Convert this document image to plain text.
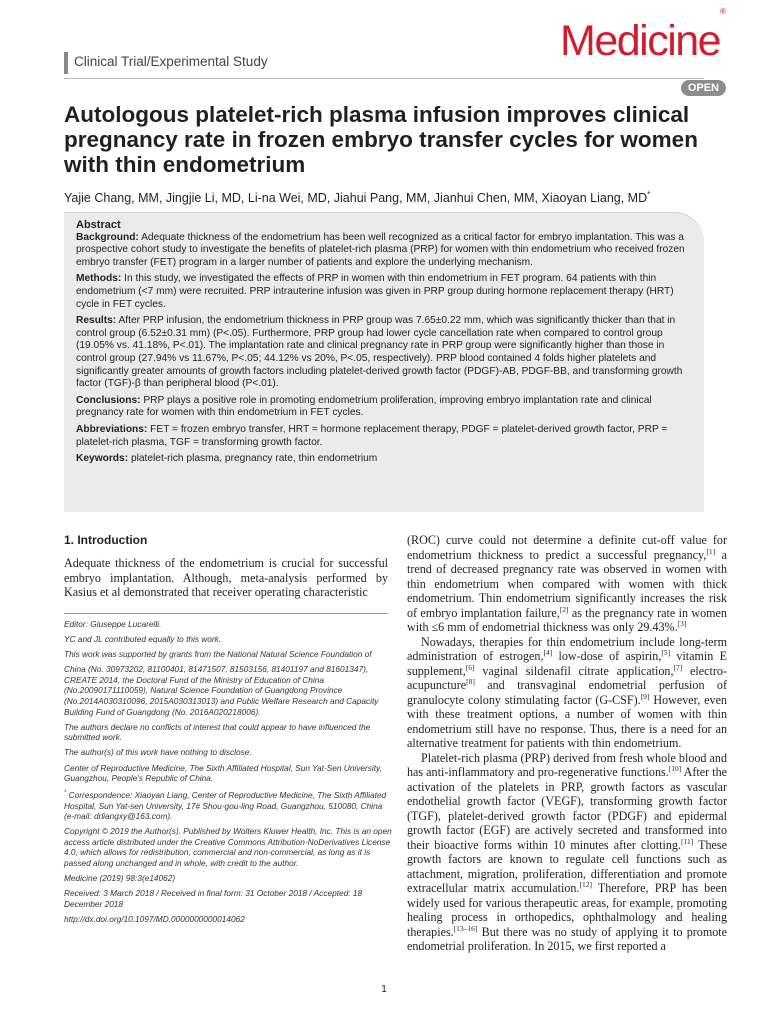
Clinical Trial/Experimental Study	Medicine®
OPEN
Autologous platelet-rich plasma infusion improves clinical pregnancy rate in frozen embryo transfer cycles for women with thin endometrium
Yajie Chang, MM, Jingjie Li, MD, Li-na Wei, MD, Jiahui Pang, MM, Jianhui Chen, MM, Xiaoyan Liang, MD*
Abstract

Background: Adequate thickness of the endometrium has been well recognized as a critical factor for embryo implantation. This was a prospective cohort study to investigate the benefits of platelet-rich plasma (PRP) for women with thin endometrium who received frozen embryo transfer (FET) program in a larger number of patients and explore the underlying mechanism.

Methods: In this study, we investigated the effects of PRP in women with thin endometrium in FET program. 64 patients with thin endometrium (<7 mm) were recruited. PRP intrauterine infusion was given in PRP group during hormone replacement therapy (HRT) cycle in FET cycles.

Results: After PRP infusion, the endometrium thickness in PRP group was 7.65±0.22 mm, which was significantly thicker than that in control group (6.52±0.31 mm) (P<.05). Furthermore, PRP group had lower cycle cancellation rate when compared to control group (19.05% vs. 41.18%, P<.01). The implantation rate and clinical pregnancy rate in PRP group were significantly higher than those in control group (27.94% vs 11.67%, P<.05; 44.12% vs 20%, P<.05, respectively). PRP blood contained 4 folds higher platelets and significantly greater amounts of growth factors including platelet-derived growth factor (PDGF)-AB, PDGF-BB, and transforming growth factor (TGF)-β than peripheral blood (P<.01).

Conclusions: PRP plays a positive role in promoting endometrium proliferation, improving embryo implantation rate and clinical pregnancy rate for women with thin endometrium in FET cycles.

Abbreviations: FET = frozen embryo transfer, HRT = hormone replacement therapy, PDGF = platelet-derived growth factor, PRP = platelet-rich plasma, TGF = transforming growth factor.

Keywords: platelet-rich plasma, pregnancy rate, thin endometrium

1. Introduction

Adequate thickness of the endometrium is crucial for successful embryo implantation. Although, meta-analysis performed by Kasius et al demonstrated that receiver operating characteristic

Editor: Giuseppe Lucarelli.

YC and JL contributed equally to this work.

This work was supported by grants from the National Natural Science Foundation of

China (No. 30973202, 81100401, 81471507, 81503156, 81401197 and 81601347), CREATE 2014, the Doctoral Fund of the Ministry of Education of China (No.20090171110059), Natural Science Foundation of Guangdong Province (No.2014A030310096, 2015A030313013) and Public Welfare Research and Capacity Building Fund of Guangdong (No. 2016A020218006).

The authors declare no conflicts of interest that could appear to have influenced the submitted work.

The author(s) of this work have nothing to disclose.

Center of Reproductive Medicine, The Sixth Affiliated Hospital, Sun Yat-Sen University, Guangzhou, People's Republic of China.

* Correspondence: Xiaoyan Liang, Center of Reproductive Medicine, The Sixth Affiliated Hospital, Sun Yat-sen University, 17# Shou-gou-ling Road, Guangzhou, 510080, China (e-mail: drliangxy@163.com).

Copyright © 2019 the Author(s). Published by Wolters Kluwer Health, Inc. This is an open access article distributed under the Creative Commons Attribution-NoDerivatives License 4.0, which allows for redistribution, commercial and non-commercial, as long as it is passed along unchanged and in whole, with credit to the author.

Medicine (2019) 98:3(e14062)

Received: 3 March 2018 / Received in final form: 31 October 2018 / Accepted: 18 December 2018

http://dx.doi.org/10.1097/MD.0000000000014062

(ROC) curve could not determine a definite cut-off value for endometrium thickness to predict a successful pregnancy,[1] a trend of decreased pregnancy rate was observed in women with thin endometrium when compared with women with thick endometrium. Thin endometrium significantly increases the risk of embryo implantation failure,[2] as the pregnancy rate in women with ≤6 mm of endometrial thickness was only 29.43%.[3]

Nowadays, therapies for thin endometrium include long-term administration of estrogen,[4] low-dose of aspirin,[5] vitamin E supplement,[6] vaginal sildenafil citrate application,[7] electro-acupuncture[8] and transvaginal endometrial perfusion of granulocyte colony stimulating factor (G-CSF).[9] However, even with these treatment options, a number of women with thin endometrium still have no response. Thus, there is a need for an alternative treatment for patients with thin endometrium.

Platelet-rich plasma (PRP) derived from fresh whole blood and has anti-inflammatory and pro-regenerative functions.[10] After the activation of the platelets in PRP, growth factors as vascular endothelial growth factor (VEGF), transforming growth factor (TGF), platelet-derived growth factor (PDGF) and epidermal growth factor (EGF) are actively secreted and transformed into their bioactive forms within 10 minutes after clotting.[11] These growth factors are known to regulate cell functions such as attachment, migration, proliferation, differentiation and promote extracellular matrix accumulation.[12] Therefore, PRP has been widely used for various therapeutic areas, for example, promoting healing process in orthopedics, ophthalmology and healing therapies.[13–16] But there was no study of applying it to promote endometrial proliferation. In 2015, we first reported a

1
